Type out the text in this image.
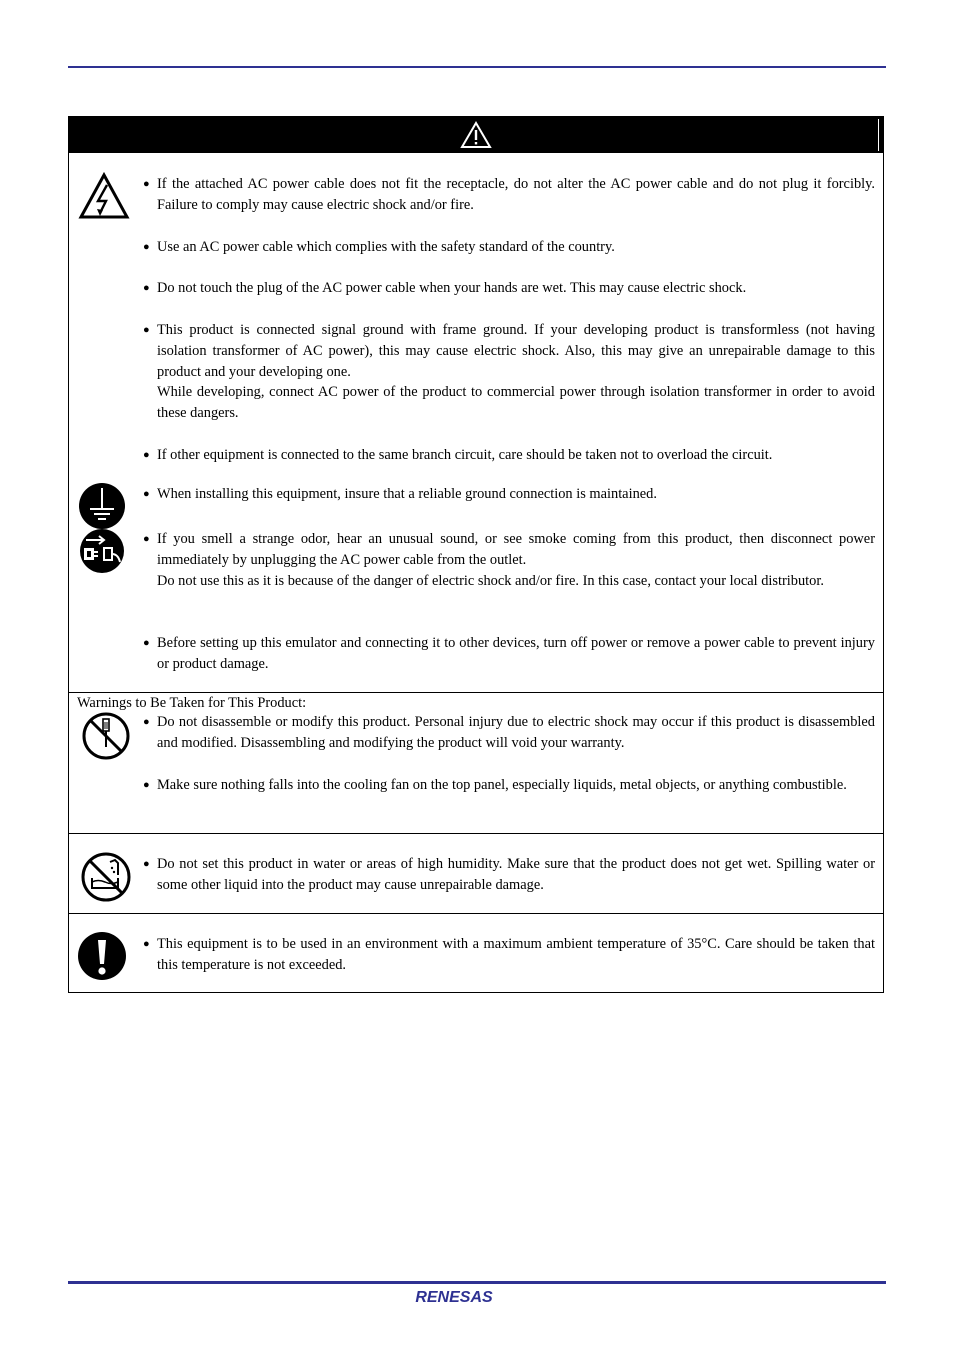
● If the attached AC power cable does not fit the receptacle, do not alter the AC power cable and do not plug it forcibly. Failure to comply may cause electric shock and/or fire.
● Use an AC power cable which complies with the safety standard of the country.
● Do not touch the plug of the AC power cable when your hands are wet. This may cause electric shock.
● This product is connected signal ground with frame ground. If your developing product is transformless (not having isolation transformer of AC power), this may cause electric shock. Also, this may give an unrepairable damage to this product and your developing one.
While developing, connect AC power of the product to commercial power through isolation transformer in order to avoid these dangers.
● If other equipment is connected to the same branch circuit, care should be taken not to overload the circuit.
● When installing this equipment, insure that a reliable ground connection is maintained.
● If you smell a strange odor, hear an unusual sound, or see smoke coming from this product, then disconnect power immediately by unplugging the AC power cable from the outlet.
Do not use this as it is because of the danger of electric shock and/or fire. In this case, contact your local distributor.
● Before setting up this emulator and connecting it to other devices, turn off power or remove a power cable to prevent injury or product damage.
Warnings to Be Taken for This Product:
● Do not disassemble or modify this product. Personal injury due to electric shock may occur if this product is disassembled and modified. Disassembling and modifying the product will void your warranty.
● Make sure nothing falls into the cooling fan on the top panel, especially liquids, metal objects, or anything combustible.
● Do not set this product in water or areas of high humidity. Make sure that the product does not get wet. Spilling water or some other liquid into the product may cause unrepairable damage.
● This equipment is to be used in an environment with a maximum ambient temperature of 35°C. Care should be taken that this temperature is not exceeded.
RENESAS
